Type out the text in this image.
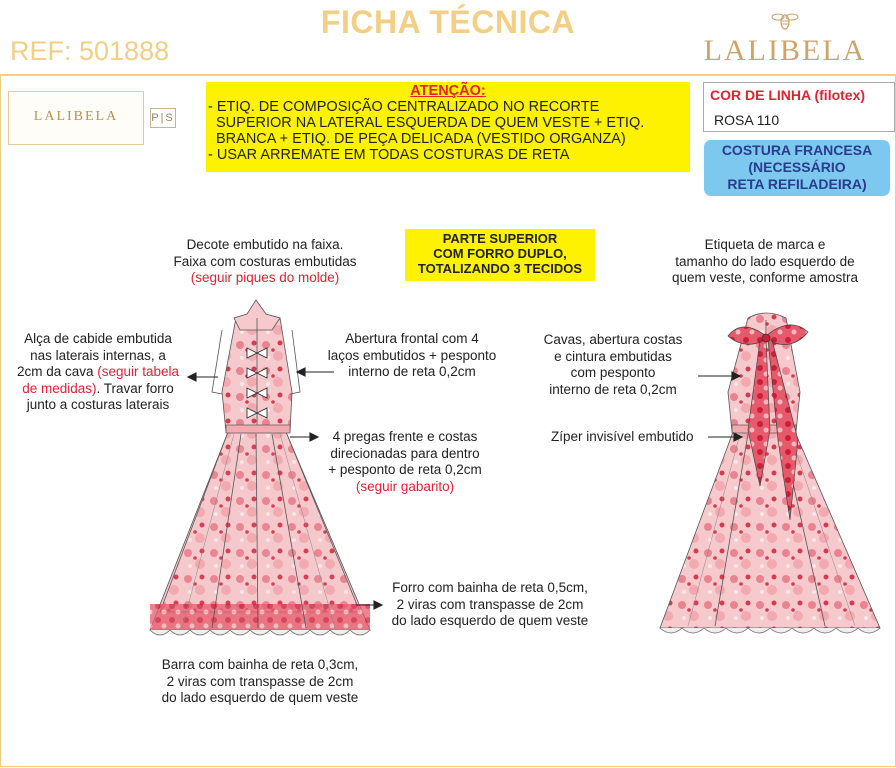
FICHA TÉCNICA
REF: 501888	LALIBELA
LALIBELA	P|S
ATENÇÃO:
- ETIQ. DE COMPOSIÇÃO CENTRALIZADO NO RECORTE
SUPERIOR NA LATERAL ESQUERDA DE QUEM VESTE + ETIQ.
BRANCA + ETIQ. DE PEÇA DELICADA (VESTIDO ORGANZA)
- USAR ARREMATE EM TODAS COSTURAS DE RETA
COR DE LINHA (filotex)
ROSA 110
COSTURA FRANCESA
(NECESSÁRIO
RETA REFILADEIRA)
PARTE SUPERIOR
COM FORRO DUPLO,
TOTALIZANDO 3 TECIDOS
Decote embutido na faixa.
Faixa com costuras embutidas
(seguir piques do molde)
Alça de cabide embutida
nas laterais internas, a
2cm da cava (seguir tabela
de medidas). Travar forro
junto a costuras laterais
Abertura frontal com 4
laços embutidos + pesponto
interno de reta 0,2cm
4 pregas frente e costas
direcionadas para dentro
+ pesponto de reta 0,2cm
(seguir gabarito)
Forro com bainha de reta 0,5cm,
2 viras com transpasse de 2cm
do lado esquerdo de quem veste
Barra com bainha de reta 0,3cm,
2 viras com transpasse de 2cm
do lado esquerdo de quem veste
Etiqueta de marca e
tamanho do lado esquerdo de
quem veste, conforme amostra
Cavas, abertura costas
e cintura embutidas
com pesponto
interno de reta 0,2cm
Zíper invisível embutido
